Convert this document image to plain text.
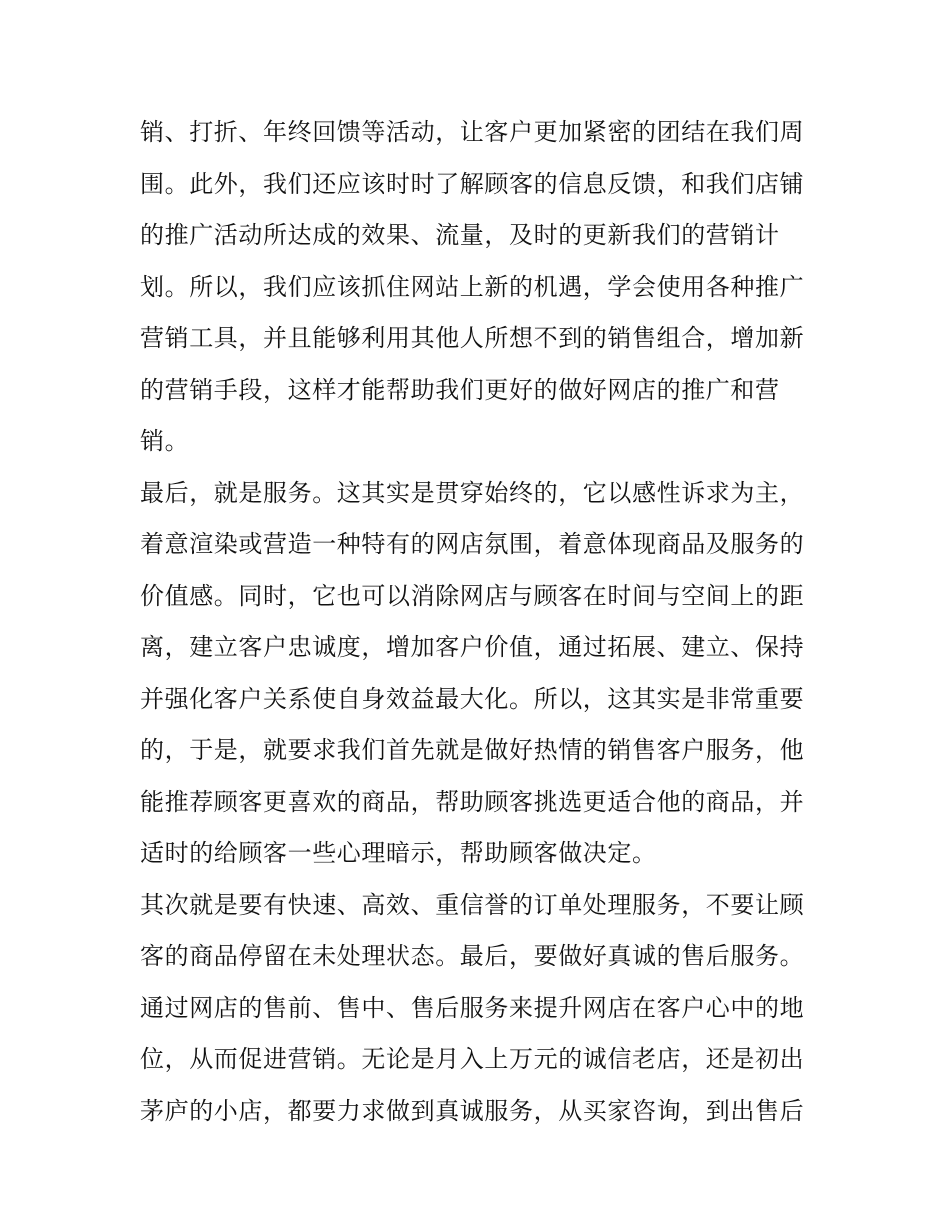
销、打折、年终回馈等活动，让客户更加紧密的团结在我们周
围。此外，我们还应该时时了解顾客的信息反馈，和我们店铺
的推广活动所达成的效果、流量，及时的更新我们的营销计
划。所以，我们应该抓住网站上新的机遇，学会使用各种推广
营销工具，并且能够利用其他人所想不到的销售组合，增加新
的营销手段，这样才能帮助我们更好的做好网店的推广和营
销。
最后，就是服务。这其实是贯穿始终的，它以感性诉求为主，
着意渲染或营造一种特有的网店氛围，着意体现商品及服务的
价值感。同时，它也可以消除网店与顾客在时间与空间上的距
离，建立客户忠诚度，增加客户价值，通过拓展、建立、保持
并强化客户关系使自身效益最大化。所以，这其实是非常重要
的，于是，就要求我们首先就是做好热情的销售客户服务，他
能推荐顾客更喜欢的商品，帮助顾客挑选更适合他的商品，并
适时的给顾客一些心理暗示，帮助顾客做决定。
其次就是要有快速、高效、重信誉的订单处理服务，不要让顾
客的商品停留在未处理状态。最后，要做好真诚的售后服务。
通过网店的售前、售中、售后服务来提升网店在客户心中的地
位，从而促进营销。无论是月入上万元的诚信老店，还是初出
茅庐的小店，都要力求做到真诚服务，从买家咨询，到出售后
